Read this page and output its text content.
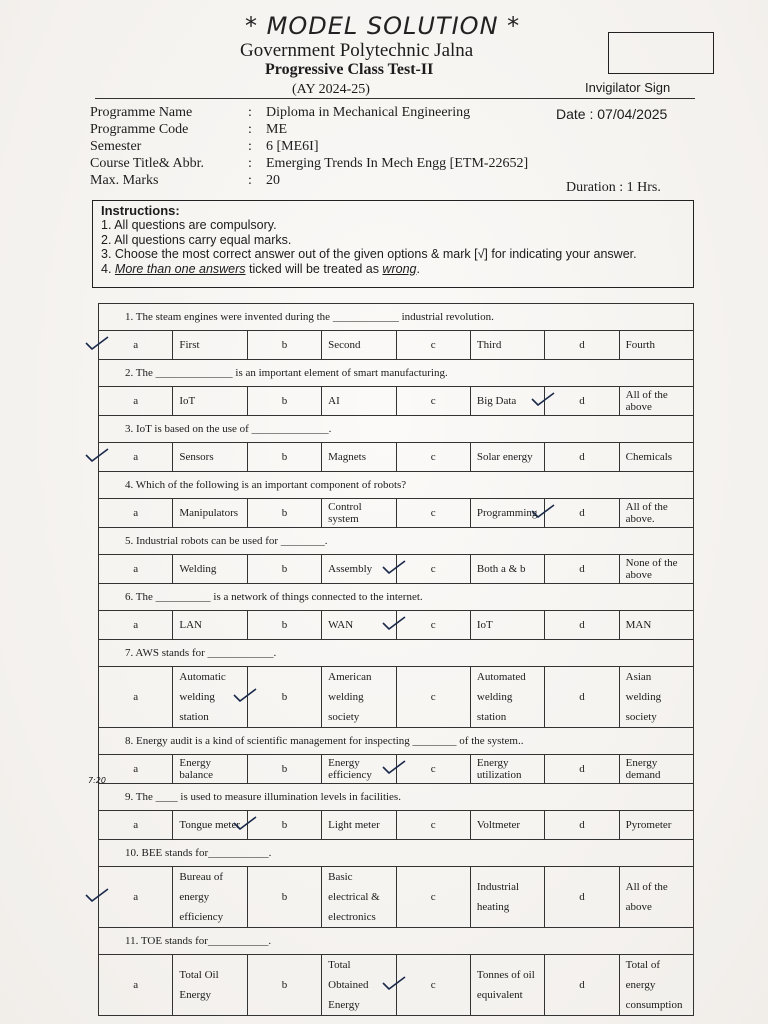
* MODEL SOLUTION *
Government Polytechnic Jalna
Progressive Class Test-II
(AY 2024-25)	Invigilator Sign
Programme Name	:	Diploma in Mechanical Engineering
Programme Code	:	ME
Semester	:	6 [ME6I]
Course Title& Abbr.	:	Emerging Trends In Mech Engg [ETM-22652]
Max. Marks	:	20
Date : 07/04/2025
Duration : 1 Hrs.
Instructions:
1. All questions are compulsory.
2. All questions carry equal marks.
3. Choose the most correct answer out of the given options & mark [√] for indicating your answer.
4. More than one answers ticked will be treated as wrong.
1. The steam engines were invented during the ____________ industrial revolution.							
a	First	b	Second	c	Third	d	Fourth
2. The ______________ is an important element of smart manufacturing.							
a	IoT	b	AI	c	Big Data	d	All of the above
3. IoT is based on the use of ______________.							
a	Sensors	b	Magnets	c	Solar energy	d	Chemicals
4. Which of the following is an important component of robots?							
a	Manipulators	b	Control system	c	Programming	d	All of the above.
5. Industrial robots can be used for ________.							
a	Welding	b	Assembly	c	Both a & b	d	None of the above
6. The __________ is a network of things connected to the internet.							
a	LAN	b	WAN	c	IoT	d	MAN
7. AWS stands for ____________.							
a	Automatic welding station	b	American welding society	c	Automated welding station	d	Asian welding society
8. Energy audit is a kind of scientific management for inspecting ________ of the system..							
a	Energy balance	b	Energy efficiency	c	Energy utilization	d	Energy demand
9. The ____ is used to measure illumination levels in facilities.							
a	Tongue meter	b	Light meter	c	Voltmeter	d	Pyrometer
10. BEE stands for___________.							
a	Bureau of energy efficiency	b	Basic electrical & electronics	c	Industrial heating	d	All of the above
11. TOE stands for___________.							
a	Total Oil Energy	b	Total Obtained Energy	c	Tonnes of oil equivalent	d	Total of energy consumption
7:20
